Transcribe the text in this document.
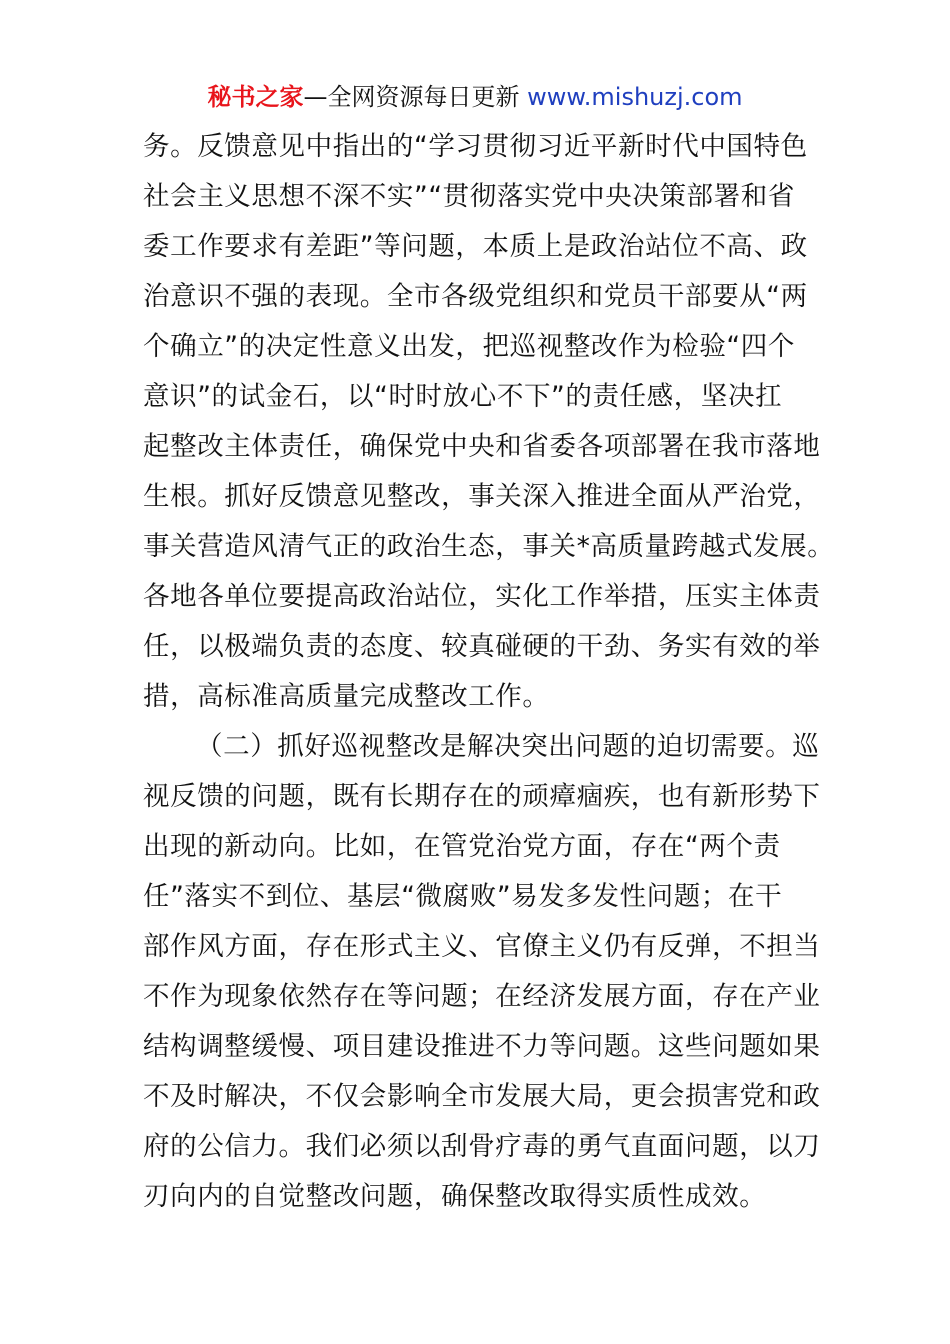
秘书之家—全网资源每日更新 www.mishuzj.com
务。反馈意见中指出的“学习贯彻习近平新时代中国特色
社会主义思想不深不实”“贯彻落实党中央决策部署和省
委工作要求有差距”等问题，本质上是政治站位不高、政
治意识不强的表现。全市各级党组织和党员干部要从“两
个确立”的决定性意义出发，把巡视整改作为检验“四个
意识”的试金石，以“时时放心不下”的责任感，坚决扛
起整改主体责任，确保党中央和省委各项部署在我市落地
生根。抓好反馈意见整改，事关深入推进全面从严治党，
事关营造风清气正的政治生态，事关*高质量跨越式发展。
各地各单位要提高政治站位，实化工作举措，压实主体责
任，以极端负责的态度、较真碰硬的干劲、务实有效的举
措，高标准高质量完成整改工作。
（二）抓好巡视整改是解决突出问题的迫切需要。巡
视反馈的问题，既有长期存在的顽瘴痼疾，也有新形势下
出现的新动向。比如，在管党治党方面，存在“两个责
任”落实不到位、基层“微腐败”易发多发性问题；在干
部作风方面，存在形式主义、官僚主义仍有反弹，不担当
不作为现象依然存在等问题；在经济发展方面，存在产业
结构调整缓慢、项目建设推进不力等问题。这些问题如果
不及时解决，不仅会影响全市发展大局，更会损害党和政
府的公信力。我们必须以刮骨疗毒的勇气直面问题，以刀
刃向内的自觉整改问题，确保整改取得实质性成效。
